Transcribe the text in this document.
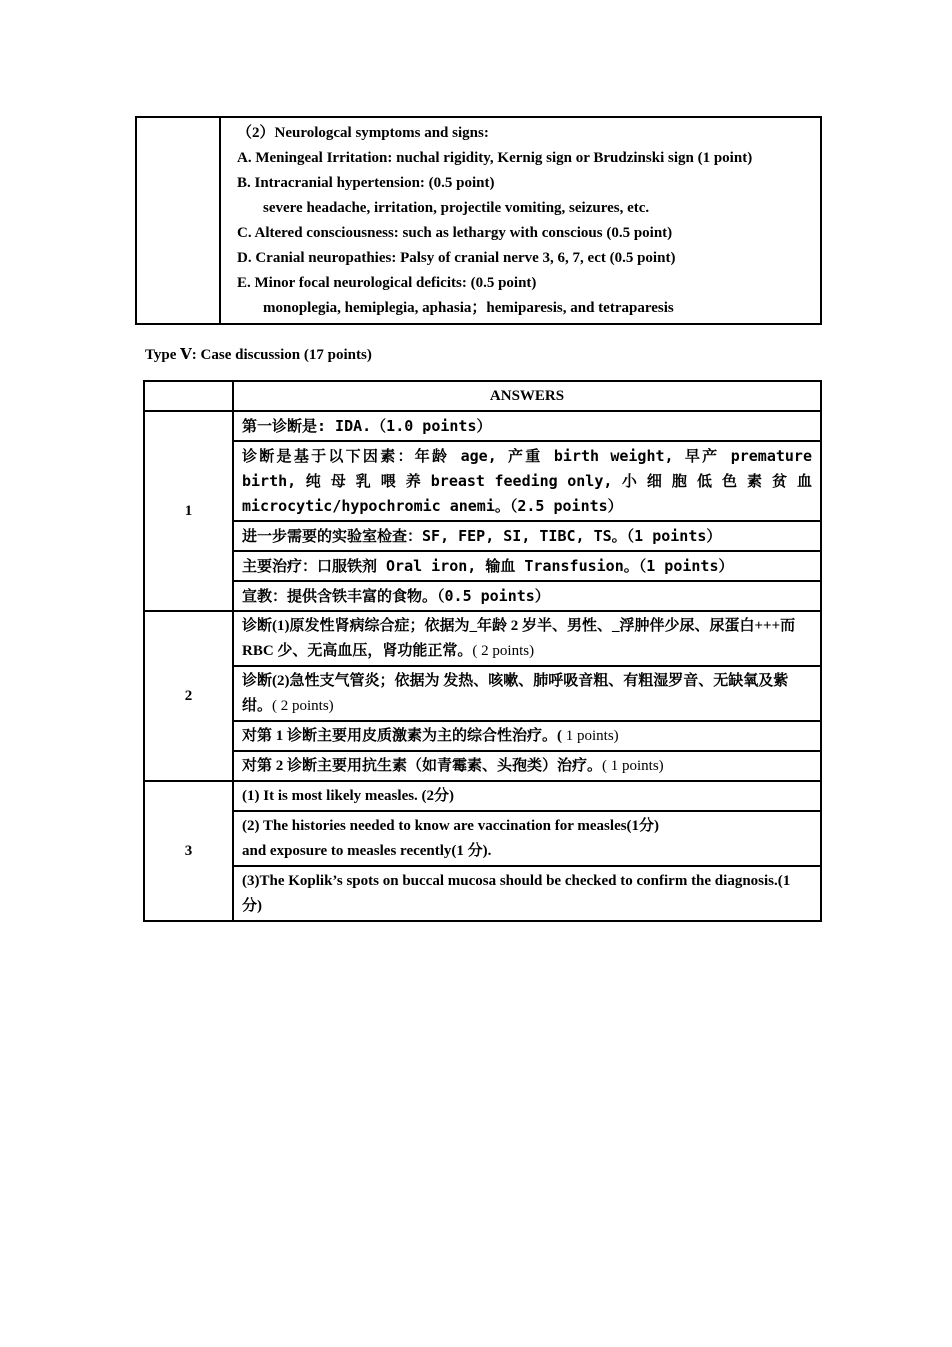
（2）Neurologcal symptoms and signs:
A. Meningeal Irritation: nuchal rigidity, Kernig sign or Brudzinski sign (1 point)
B. Intracranial hypertension: (0.5 point)
severe headache, irritation, projectile vomiting, seizures, etc.
C. Altered consciousness: such as lethargy with conscious (0.5 point)
D. Cranial neuropathies: Palsy of cranial nerve 3, 6, 7, ect (0.5 point)
E. Minor focal neurological deficits: (0.5 point)
monoplegia, hemiplegia, aphasia；hemiparesis, and tetraparesis
Type Ⅴ: Case discussion (17 points)
	ANSWERS
1	第一诊断是: IDA.（1.0 points）
	诊断是基于以下因素：年龄 age, 产重 birth weight, 早产 premature birth, 纯 母 乳 喂 养 breast feeding only, 小 细 胞 低 色 素 贫 血 microcytic/hypochromic anemi。（2.5 points）
	进一步需要的实验室检查：SF, FEP, SI, TIBC, TS。（1 points）
	主要治疗：口服铁剂 Oral iron, 输血 Transfusion。（1 points）
	宣教：提供含铁丰富的食物。（0.5 points）
2	诊断(1)原发性肾病综合症；依据为_年龄 2 岁半、男性、_浮肿伴少尿、尿蛋白+++而 RBC 少、无高血压，肾功能正常。( 2 points)
	诊断(2)急性支气管炎；依据为 发热、咳嗽、肺呼吸音粗、有粗湿罗音、无缺氧及紫绀。( 2 points)
	对第 1 诊断主要用皮质激素为主的综合性治疗。( 1 points)
	对第 2 诊断主要用抗生素（如青霉素、头孢类）治疗。( 1 points)
3	(1) It is most likely measles. (2分)
	(2) The histories needed to know are vaccination for measles(1分)
and exposure to measles recently(1 分).
	(3)The Koplik’s spots on buccal mucosa should be checked to confirm the diagnosis.(1 分)
